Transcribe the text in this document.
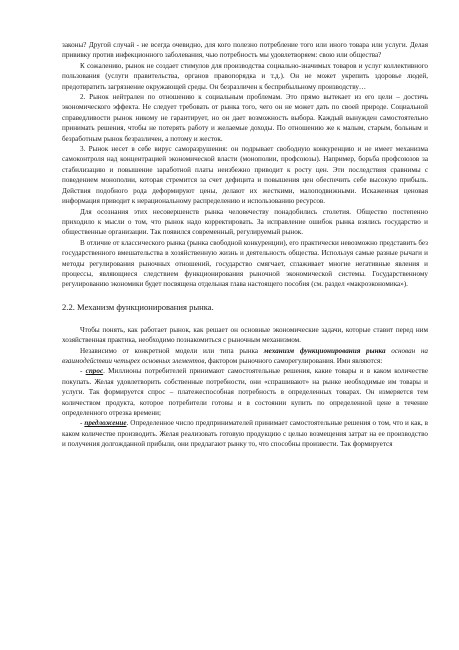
законы? Другой случай - не всегда очевидно, для кого полезно потребление того или иного товара или услуги. Делая прививку против инфекционного заболевания, чью потребность мы удовлетворяем: свою или общества?

К сожалению, рынок не создает стимулов для производства социально-значимых товаров и услуг коллективного пользования (услуги правительства, органов правопорядка и т.д.). Он не может укрепить здоровье людей, предотвратить загрязнение окружающей среды. Он безразличен к бесприбыльному производству…

2. Рынок нейтрален по отношению к социальным проблемам. Это прямо вытекает из его цели – достичь экономического эффекта. Не следует требовать от рынка того, чего он не может дать по своей природе. Социальной справедливости рынок никому не гарантирует, но он дает возможность выбора. Каждый вынужден самостоятельно принимать решения, чтобы не потерять работу и желаемые доходы. По отношению же к малым, старым, больным и безработным рынок безразличен, а потому и жесток.

3. Рынок несет в себе вирус саморазрушения: он подрывает свободную конкуренцию и не имеет механизма самоконтроля над концентрацией экономической власти (монополии, профсоюзы). Например, борьба профсоюзов за стабилизацию и повышение заработной платы неизбежно приводит к росту цен. Эти последствия сравнимы с поведением монополии, которая стремится за счет дефицита и повышения цен обеспечить себе высокую прибыль. Действия подобного рода деформируют цены, делают их жесткими, малоподвижными. Искаженная ценовая информация приводит к нерациональному распределению и использованию ресурсов.

Для осознания этих несовершенств рынка человечеству понадобились столетия. Общество постепенно приходило к мысли о том, что рынок надо корректировать. За исправление ошибок рынка взялись государство и общественные организации. Так появился современный, регулируемый рынок.

В отличие от классического рынка (рынка свободной конкуренции), его практически невозможно представить без государственного вмешательства в хозяйственную жизнь и деятельность общества. Используя самые разные рычаги и методы регулирования рыночных отношений, государство смягчает, сглаживает многие негативные явления и процессы, являющиеся следствием функционирования рыночной экономической системы. Государственному регулированию экономики будет посвящена отдельная глава настоящего пособия (см. раздел «макроэкономика»).

2.2. Механизм функционирования рынка.

Чтобы понять, как работает рынок, как решает он основные экономические задачи, которые ставит перед ним хозяйственная практика, необходимо познакомиться с рыночным механизмом.

Независимо от конкретной модели или типа рынка механизм функционирования рынка основан на взаимодействии четырех основных элементов, фактором рыночного саморегулирования. Ими являются:

- спрос. Миллионы потребителей принимают самостоятельные решения, какие товары и в каком количестве покупать. Желая удовлетворить собственные потребности, они «спрашивают» на рынке необходимые им товары и услуги. Так формируется спрос – платежеспособная потребность в определенных товарах. Он измеряется тем количеством продукта, которое потребители готовы и в состоянии купить по определенной цене в течение определенного отрезка времени;

- предложение. Определенное число предпринимателей принимает самостоятельные решения о том, что и как, в каком количестве производить. Желая реализовать готовую продукцию с целью возмещения затрат на ее производство и получения долгожданной прибыли, они предлагают рынку то, что способны произвести. Так формируется
